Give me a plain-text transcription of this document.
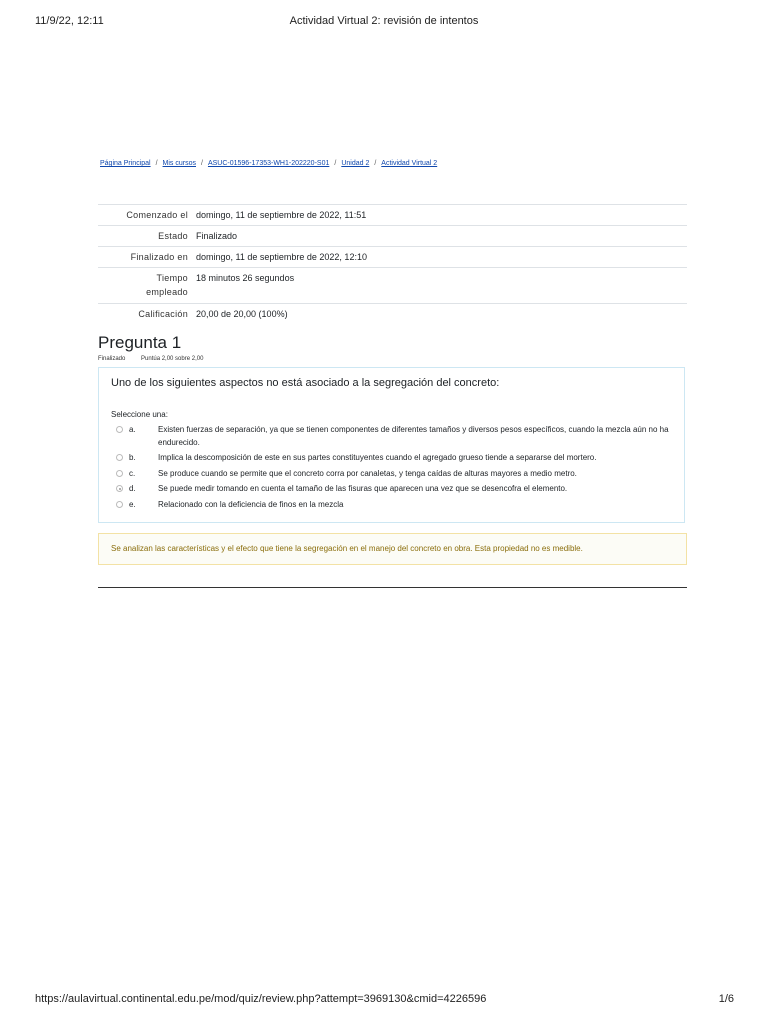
11/9/22, 12:11	Actividad Virtual 2: revisión de intentos
Página Principal / Mis cursos / ASUC-01596-17353-WH1-202220-S01 / Unidad 2 / Actividad Virtual 2
Comenzado el	domingo, 11 de septiembre de 2022, 11:51
Estado	Finalizado
Finalizado en	domingo, 11 de septiembre de 2022, 12:10
Tiempo
empleado	18 minutos 26 segundos
Calificación	20,00 de 20,00 (100%)
Pregunta 1
Finalizado	Puntúa 2,00 sobre 2,00
Uno de los siguientes aspectos no está asociado a la segregación del concreto:
Seleccione una:
a.	Existen fuerzas de separación, ya que se tienen componentes de diferentes tamaños y diversos pesos específicos, cuando la mezcla aún no ha endurecido.
b.	Implica la descomposición de este en sus partes constituyentes cuando el agregado grueso tiende a separarse del mortero.
c.	Se produce cuando se permite que el concreto corra por canaletas, y tenga caídas de alturas mayores a medio metro.
d.	Se puede medir tomando en cuenta el tamaño de las fisuras que aparecen una vez que se desencofra el elemento.
e.	Relacionado con la deficiencia de finos en la mezcla
Se analizan las características y el efecto que tiene la segregación en el manejo del concreto en obra. Esta propiedad no es medible.
https://aulavirtual.continental.edu.pe/mod/quiz/review.php?attempt=3969130&cmid=4226596	1/6
